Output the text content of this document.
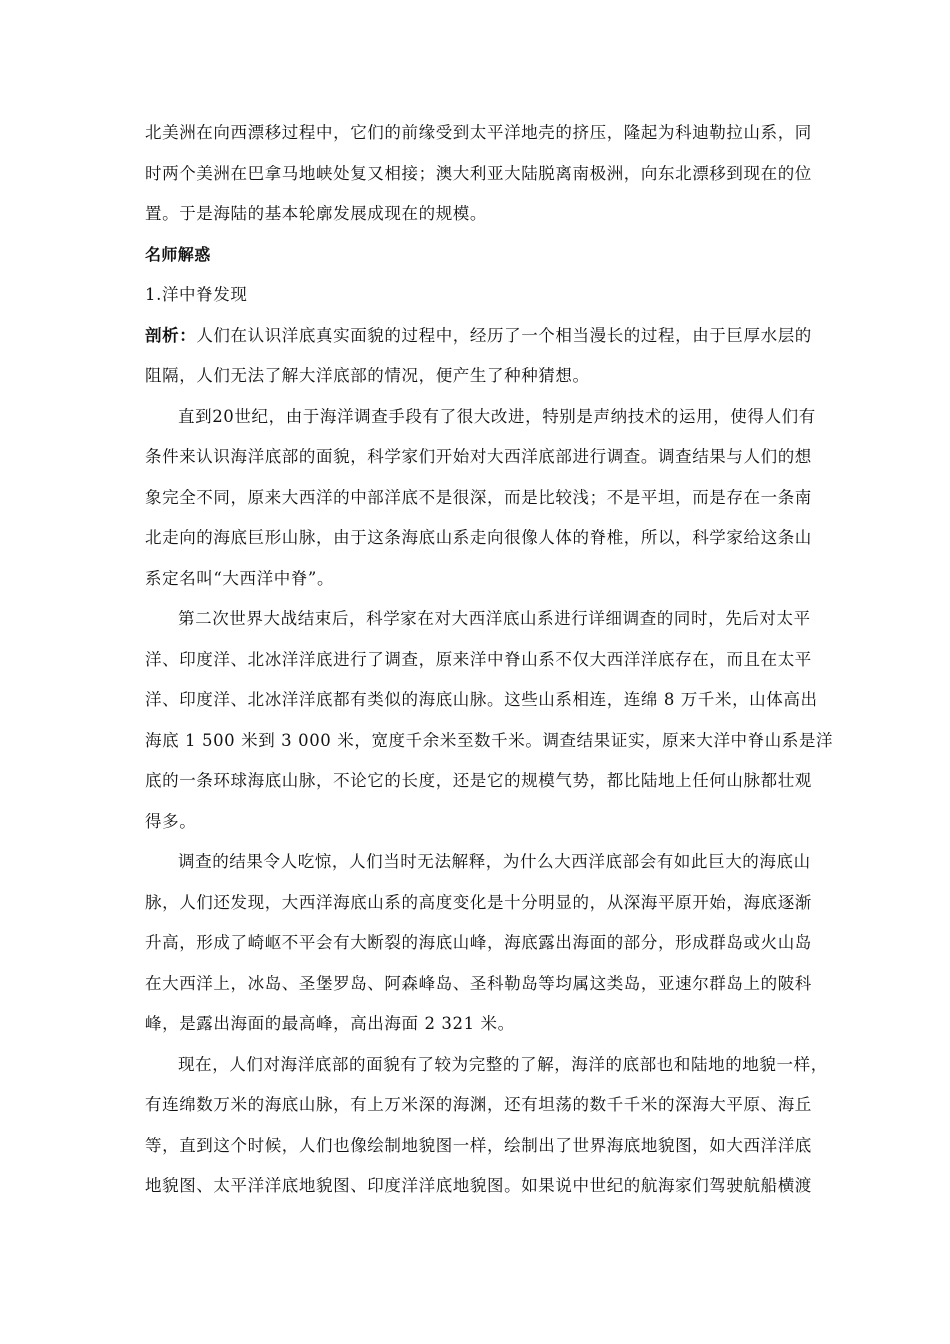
北美洲在向西漂移过程中，它们的前缘受到太平洋地壳的挤压，隆起为科迪勒拉山系，同
时两个美洲在巴拿马地峡处复又相接；澳大利亚大陆脱离南极洲，向东北漂移到现在的位
置。于是海陆的基本轮廓发展成现在的规模。
名师解惑
1.洋中脊发现
剖析：人们在认识洋底真实面貌的过程中，经历了一个相当漫长的过程，由于巨厚水层的
阻隔，人们无法了解大洋底部的情况，便产生了种种猜想。
直到20世纪，由于海洋调查手段有了很大改进，特别是声纳技术的运用，使得人们有
条件来认识海洋底部的面貌，科学家们开始对大西洋底部进行调查。调查结果与人们的想
象完全不同，原来大西洋的中部洋底不是很深，而是比较浅；不是平坦，而是存在一条南
北走向的海底巨形山脉，由于这条海底山系走向很像人体的脊椎，所以，科学家给这条山
系定名叫“大西洋中脊”。
第二次世界大战结束后，科学家在对大西洋底山系进行详细调查的同时，先后对太平
洋、印度洋、北冰洋洋底进行了调查，原来洋中脊山系不仅大西洋洋底存在，而且在太平
洋、印度洋、北冰洋洋底都有类似的海底山脉。这些山系相连，连绵 8 万千米，山体高出
海底 1 500 米到 3 000 米，宽度千余米至数千米。调查结果证实，原来大洋中脊山系是洋
底的一条环球海底山脉，不论它的长度，还是它的规模气势，都比陆地上任何山脉都壮观
得多。
调查的结果令人吃惊，人们当时无法解释，为什么大西洋底部会有如此巨大的海底山
脉，人们还发现，大西洋海底山系的高度变化是十分明显的，从深海平原开始，海底逐渐
升高，形成了崎岖不平会有大断裂的海底山峰，海底露出海面的部分，形成群岛或火山岛
在大西洋上，冰岛、圣堡罗岛、阿森峰岛、圣科勒岛等均属这类岛，亚速尔群岛上的陂科
峰，是露出海面的最高峰，高出海面 2 321 米。
现在，人们对海洋底部的面貌有了较为完整的了解，海洋的底部也和陆地的地貌一样，
有连绵数万米的海底山脉，有上万米深的海渊，还有坦荡的数千千米的深海大平原、海丘
等，直到这个时候，人们也像绘制地貌图一样，绘制出了世界海底地貌图，如大西洋洋底
地貌图、太平洋洋底地貌图、印度洋洋底地貌图。如果说中世纪的航海家们驾驶航船横渡
